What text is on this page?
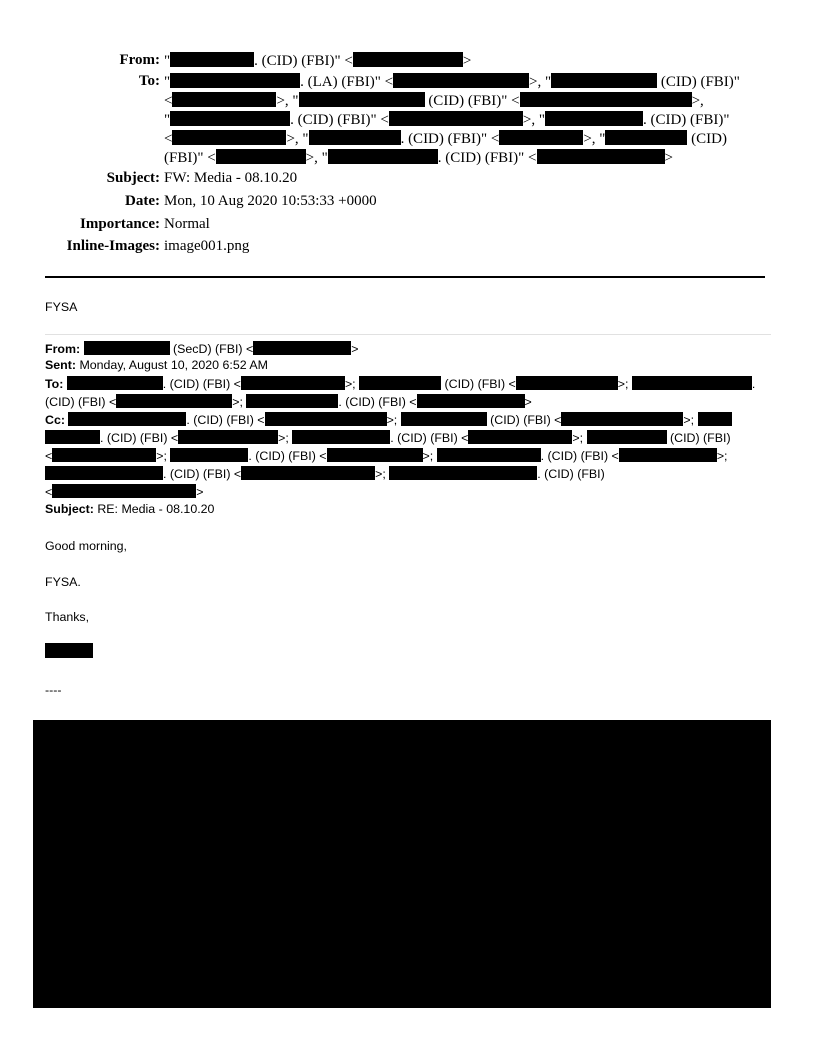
From: "	. (CID) (FBI)" <	>
To: "	. (LA) (FBI)" <	>, "	(CID) (FBI)"
<	>, "	(CID) (FBI)" <	>,
"	. (CID) (FBI)" <	>, "	. (CID) (FBI)"
<	>, "	. (CID) (FBI)" <	>, "	(CID)
(FBI)" <	>, "	. (CID) (FBI)" <	>
Subject: FW: Media - 08.10.20
Date: Mon, 10 Aug 2020 10:53:33 +0000
Importance: Normal
Inline-Images: image001.png
FYSA
From:	(SecD) (FBI) <	>
Sent: Monday, August 10, 2020 6:52 AM
To:	. (CID) (FBI) <	>;	(CID) (FBI) <	>;	.
(CID) (FBI) <	>;	. (CID) (FBI) <	>
Cc:	. (CID) (FBI) <	>;	(CID) (FBI) <	>;
. (CID) (FBI) <	>;	. (CID) (FBI) <	>;	(CID) (FBI)
<	>;	. (CID) (FBI) <	>;	. (CID) (FBI) <	>;
. (CID) (FBI) <	>;	. (CID) (FBI)
<	>
Subject: RE: Media - 08.10.20
Good morning,
FYSA.
Thanks,
----
